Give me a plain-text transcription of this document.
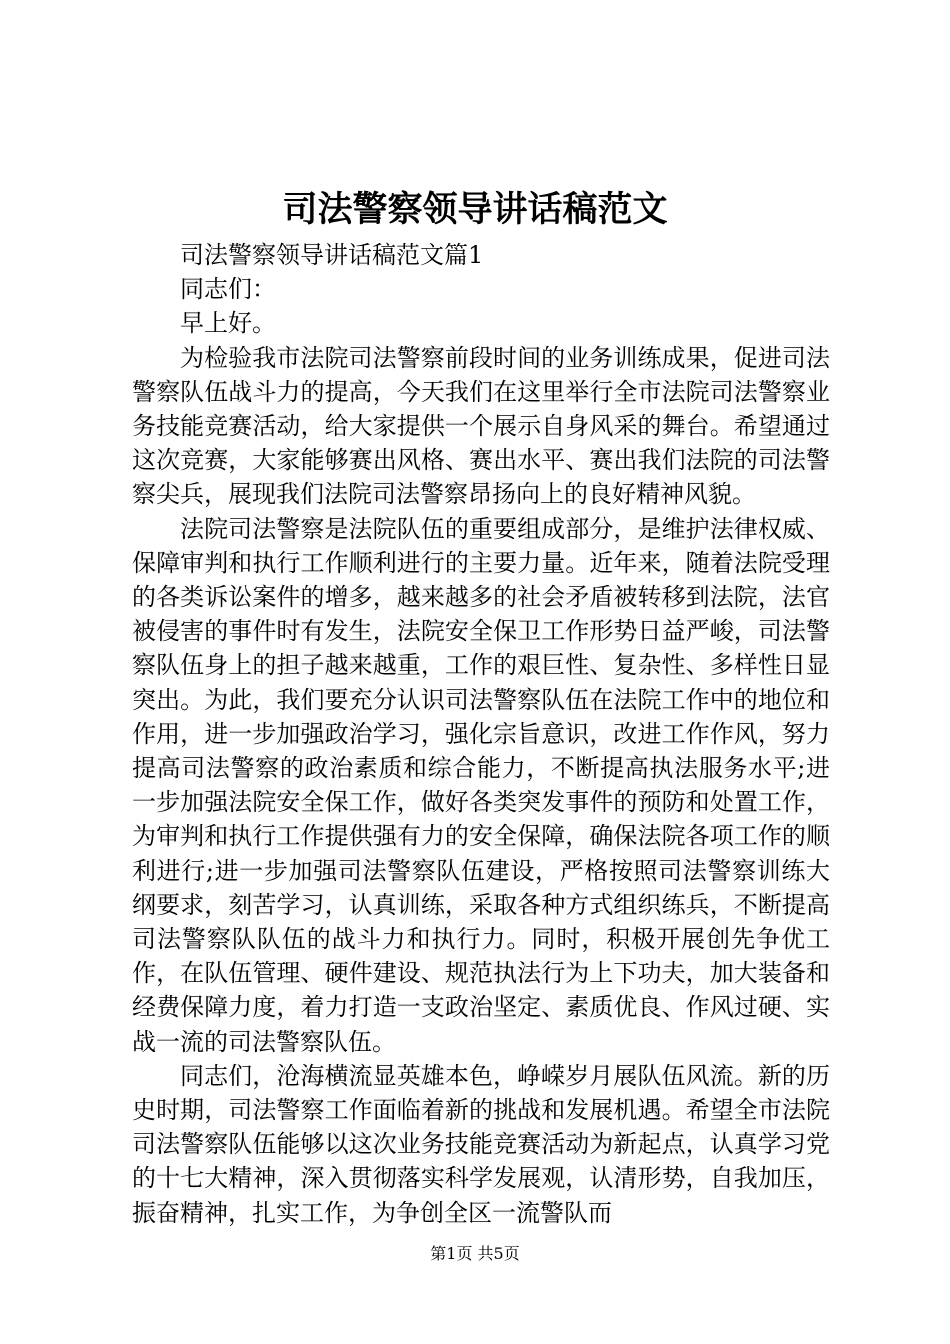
司法警察领导讲话稿范文

司法警察领导讲话稿范文篇1

同志们：

早上好。

为检验我市法院司法警察前段时间的业务训练成果，促进司法警察队伍战斗力的提高，今天我们在这里举行全市法院司法警察业务技能竞赛活动，给大家提供一个展示自身风采的舞台。希望通过这次竞赛，大家能够赛出风格、赛出水平、赛出我们法院的司法警察尖兵，展现我们法院司法警察昂扬向上的良好精神风貌。

法院司法警察是法院队伍的重要组成部分，是维护法律权威、保障审判和执行工作顺利进行的主要力量。近年来，随着法院受理的各类诉讼案件的增多，越来越多的社会矛盾被转移到法院，法官被侵害的事件时有发生，法院安全保卫工作形势日益严峻，司法警察队伍身上的担子越来越重，工作的艰巨性、复杂性、多样性日显突出。为此，我们要充分认识司法警察队伍在法院工作中的地位和作用，进一步加强政治学习，强化宗旨意识，改进工作作风，努力提高司法警察的政治素质和综合能力，不断提高执法服务水平;进一步加强法院安全保工作，做好各类突发事件的预防和处置工作，为审判和执行工作提供强有力的安全保障，确保法院各项工作的顺利进行;进一步加强司法警察队伍建设，严格按照司法警察训练大纲要求，刻苦学习，认真训练，采取各种方式组织练兵，不断提高司法警察队队伍的战斗力和执行力。同时，积极开展创先争优工作，在队伍管理、硬件建设、规范执法行为上下功夫，加大装备和经费保障力度，着力打造一支政治坚定、素质优良、作风过硬、实战一流的司法警察队伍。

同志们，沧海横流显英雄本色，峥嵘岁月展队伍风流。新的历史时期，司法警察工作面临着新的挑战和发展机遇。希望全市法院司法警察队伍能够以这次业务技能竞赛活动为新起点，认真学习党的十七大精神，深入贯彻落实科学发展观，认清形势，自我加压，振奋精神，扎实工作，为争创全区一流警队而

第1页 共5页
